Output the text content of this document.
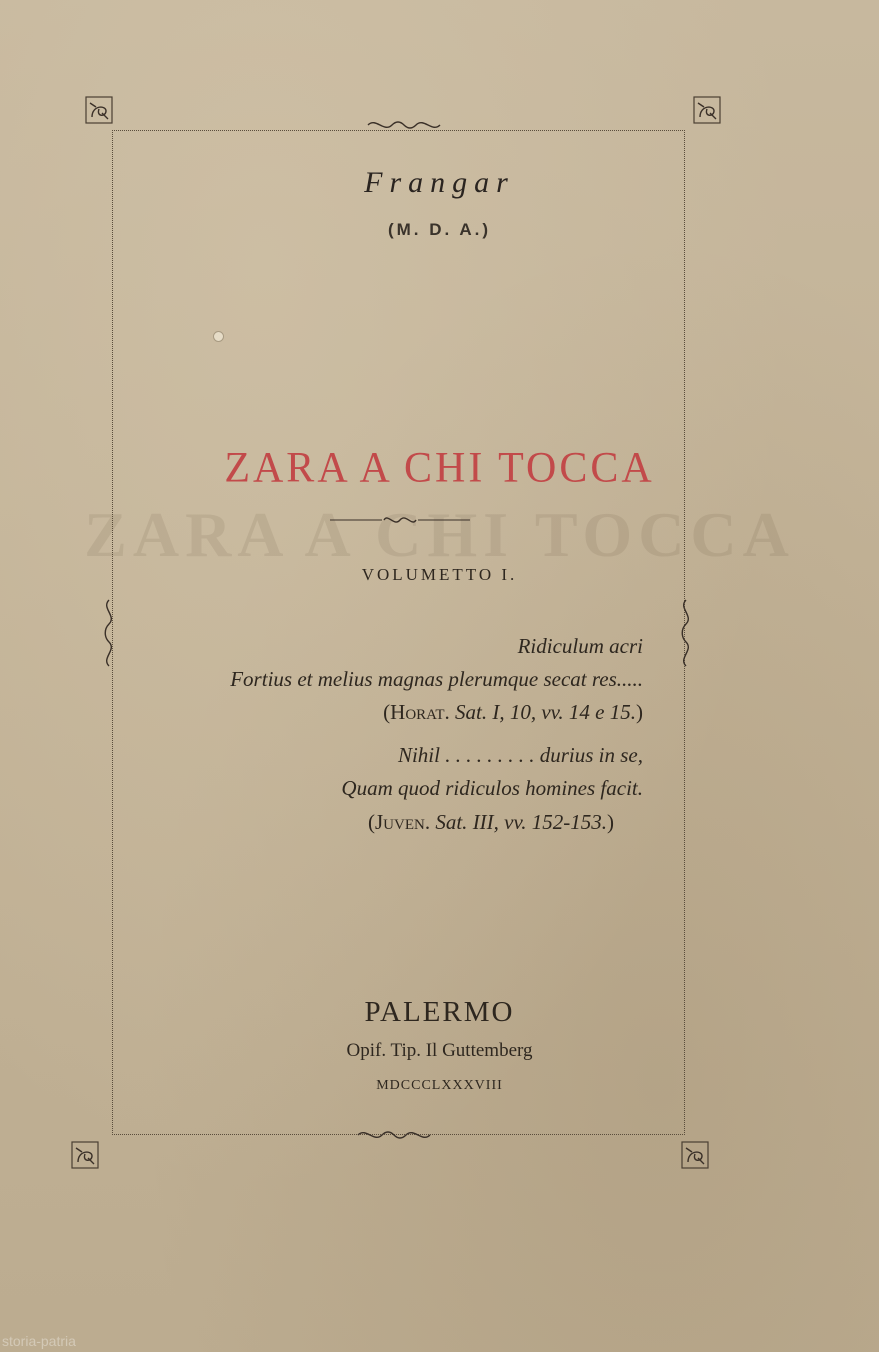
Frangar
(M. D. A.)
ZARA A CHI TOCCA
ZARA A CHI TOCCA
VOLUMETTO I.
Ridiculum acri
Fortius et melius magnas plerumque secat res.....
(Horat. Sat. I, 10, vv. 14 e 15.)
Nihil . . . . . . . . . durius in se,
Quam quod ridiculos homines facit.
(Juven. Sat. III, vv. 152-153.)
PALERMO
Opif. Tip. Il Guttemberg
MDCCCLXXXVIII
storia-patria
